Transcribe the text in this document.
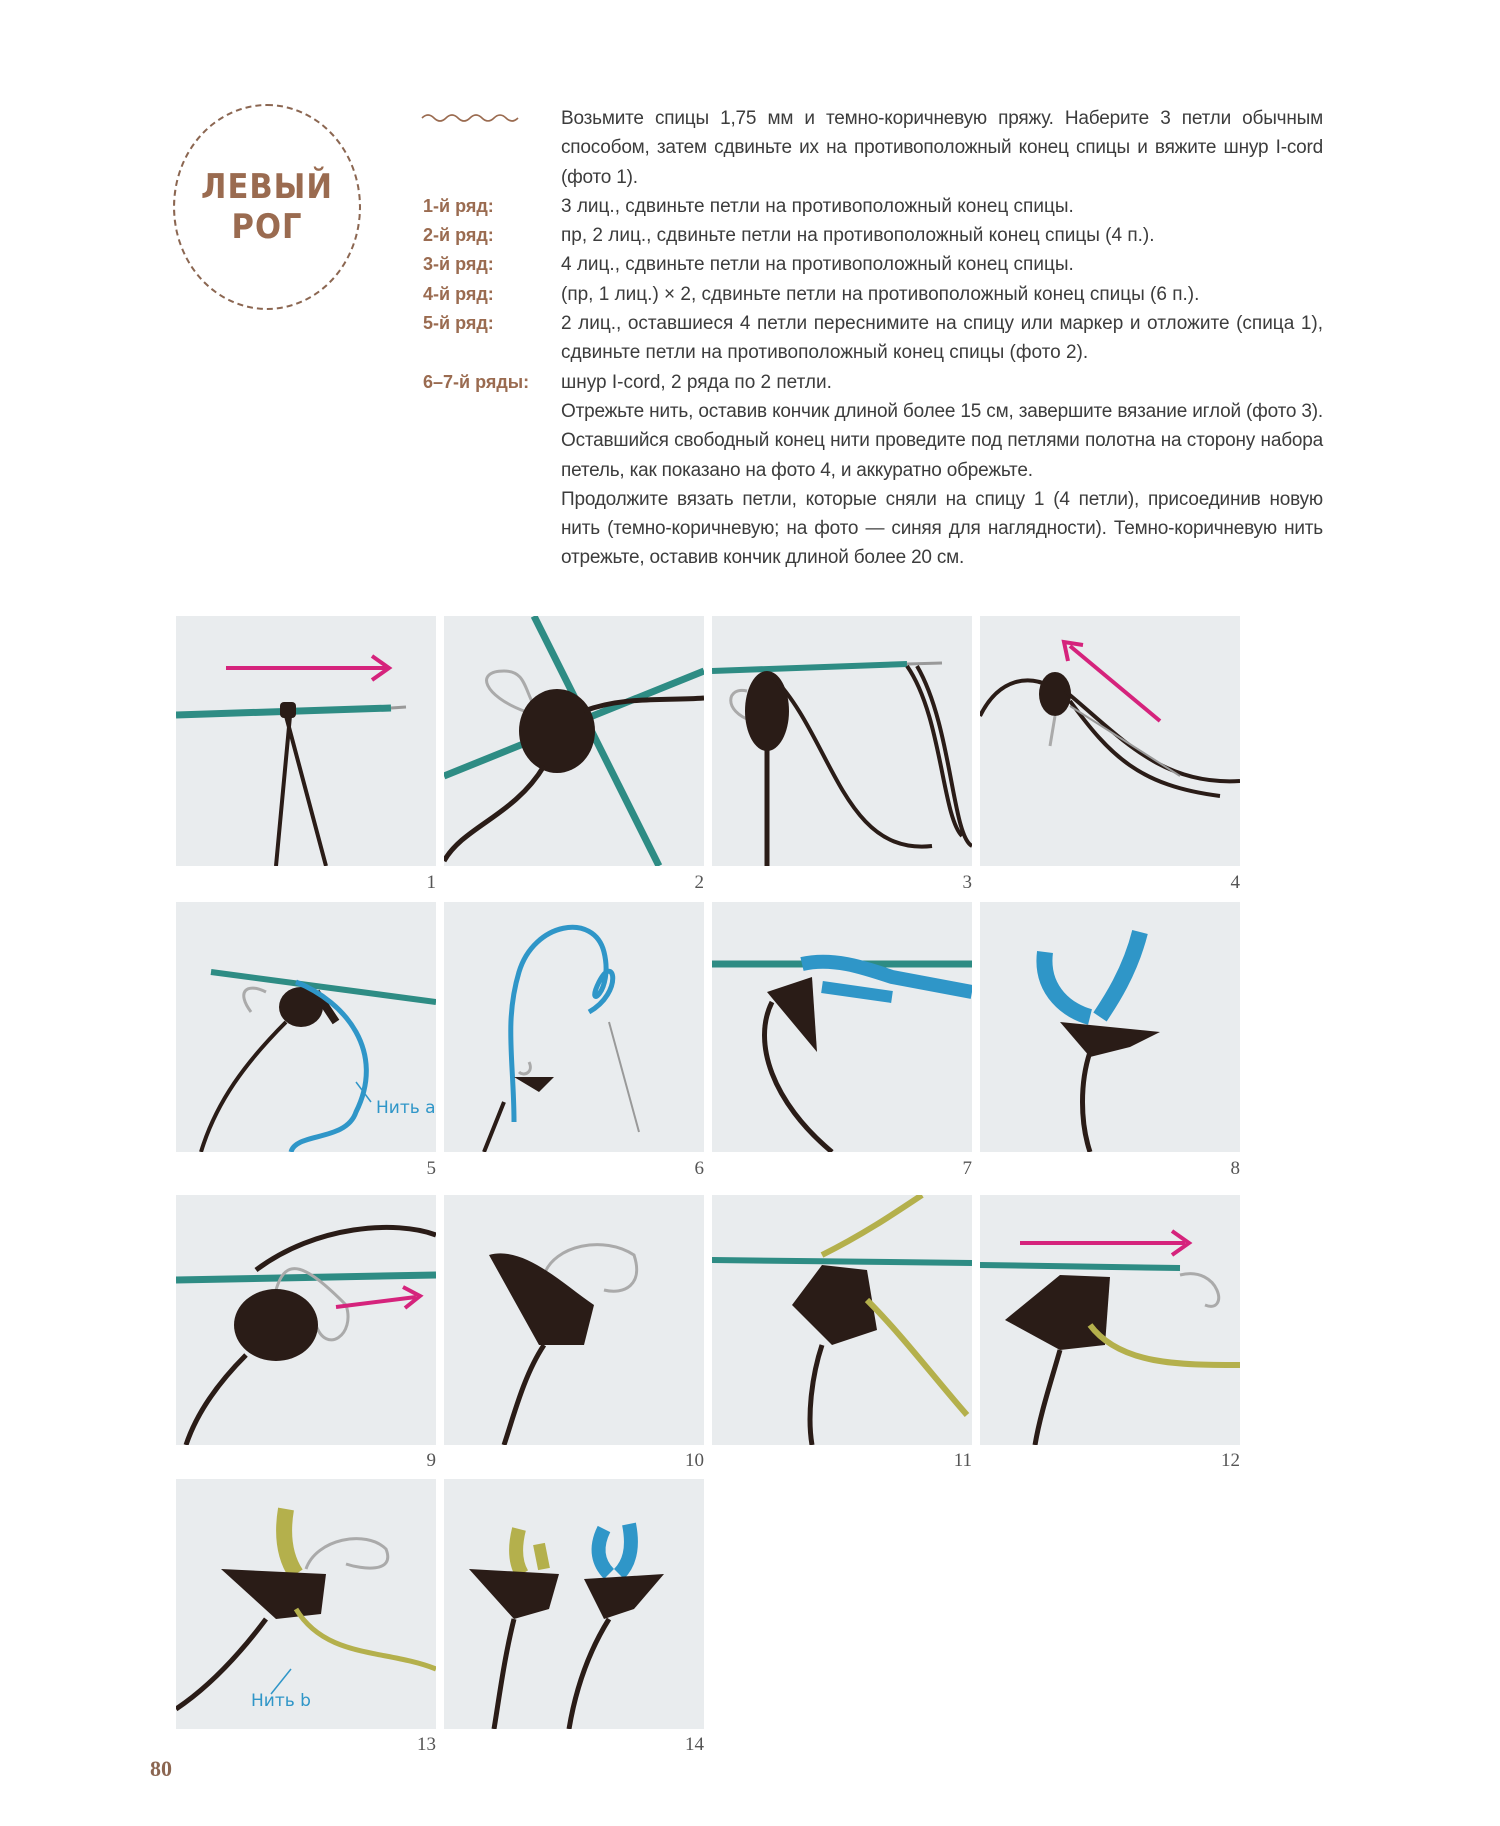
ЛЕВЫЙ
РОГ

Возьмите спицы 1,75 мм и темно-коричневую пряжу. Наберите 3 петли обычным способом, затем сдвиньте их на противоположный конец спицы и вяжите шнур I-cord (фото 1).

1-й ряд:	3 лиц., сдвиньте петли на противоположный конец спицы.
2-й ряд:	пр, 2 лиц., сдвиньте петли на противоположный конец спицы (4 п.).
3-й ряд:	4 лиц., сдвиньте петли на противоположный конец спицы.
4-й ряд:	(пр, 1 лиц.) × 2, сдвиньте петли на противоположный конец спицы (6 п.).
5-й ряд:	2 лиц., оставшиеся 4 петли переснимите на спицу или маркер и отложите (спица 1), сдвиньте петли на противоположный конец спицы (фото 2).
6–7-й ряды: шнур I-cord, 2 ряда по 2 петли.

Отрежьте нить, оставив кончик длиной более 15 см, завершите вязание иглой (фото 3). Оставшийся свободный конец нити проведите под петлями полотна на сторону набора петель, как показано на фото 4, и аккуратно обрежьте.

Продолжите вязать петли, которые сняли на спицу 1 (4 петли), присоединив новую нить (темно-коричневую; на фото — синяя для наглядности). Темно-коричневую нить отрежьте, оставив кончик длиной более 20 см.

Нить a
Нить b
1	2	3	4
5	6	7	8
9	10	11	12
13	14
80
